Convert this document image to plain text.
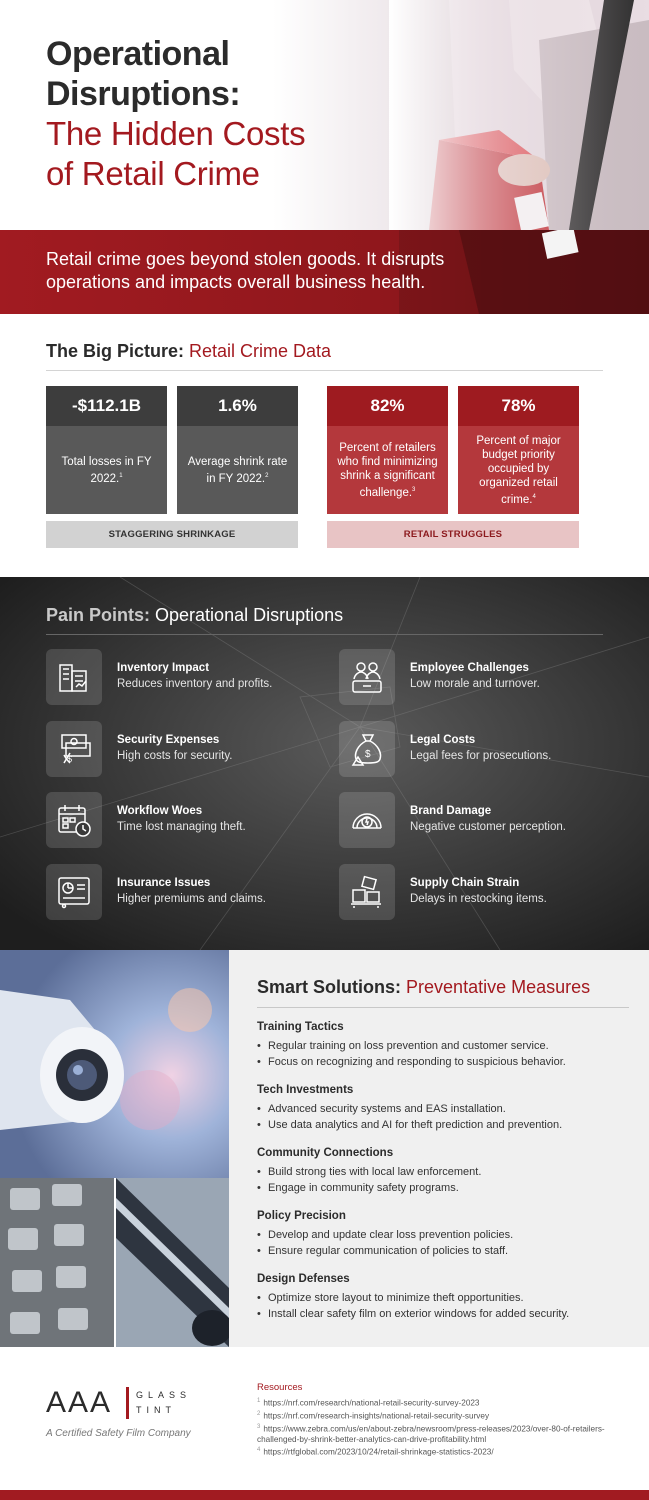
Operational
Disruptions:
The Hidden Costs
of Retail Crime

Retail crime goes beyond stolen goods. It disrupts operations and impacts overall business health.

The Big Picture: Retail Crime Data
-$112.1B
Total losses in FY 2022.$^1$
1.6%
Average shrink rate in FY 2022.$^2$
82%
Percent of retailers who find minimizing shrink a significant challenge.$^3$
78%
Percent of major budget priority occupied by organized retail crime.$^4$
STAGGERING SHRINKAGE	RETAIL STRUGGLES
Pain Points: Operational Disruptions
Inventory Impact
Reduces inventory and profits.
$
Security Expenses
High costs for security.
Workflow Woes
Time lost managing theft.
Insurance Issues
Higher premiums and claims.
Employee Challenges
Low morale and turnover.
$
Legal Costs
Legal fees for prosecutions.
Brand Damage
Negative customer perception.
Supply Chain Strain
Delays in restocking items.
Smart Solutions: Preventative Measures
Training Tactics
• Regular training on loss prevention and customer service.
• Focus on recognizing and responding to suspicious behavior.
Tech Investments
• Advanced security systems and EAS installation.
• Use data analytics and AI for theft prediction and prevention.
Community Connections
• Build strong ties with local law enforcement.
• Engage in community safety programs.
Policy Precision
• Develop and update clear loss prevention policies.
• Ensure regular communication of policies to staff.
Design Defenses
• Optimize store layout to minimize theft opportunities.
• Install clear safety film on exterior windows for added security.
AAA	GLASS
TINT
A Certified Safety Film Company
Resources
$^1$ https://nrf.com/research/national-retail-security-survey-2023
$^2$ https://nrf.com/research-insights/national-retail-security-survey
$^3$ https://www.zebra.com/us/en/about-zebra/newsroom/press-releases/2023/over-80-of-retailers-challenged-by-shrink-better-analytics-can-drive-profitability.html
$^4$ https://rtfglobal.com/2023/10/24/retail-shrinkage-statistics-2023/
